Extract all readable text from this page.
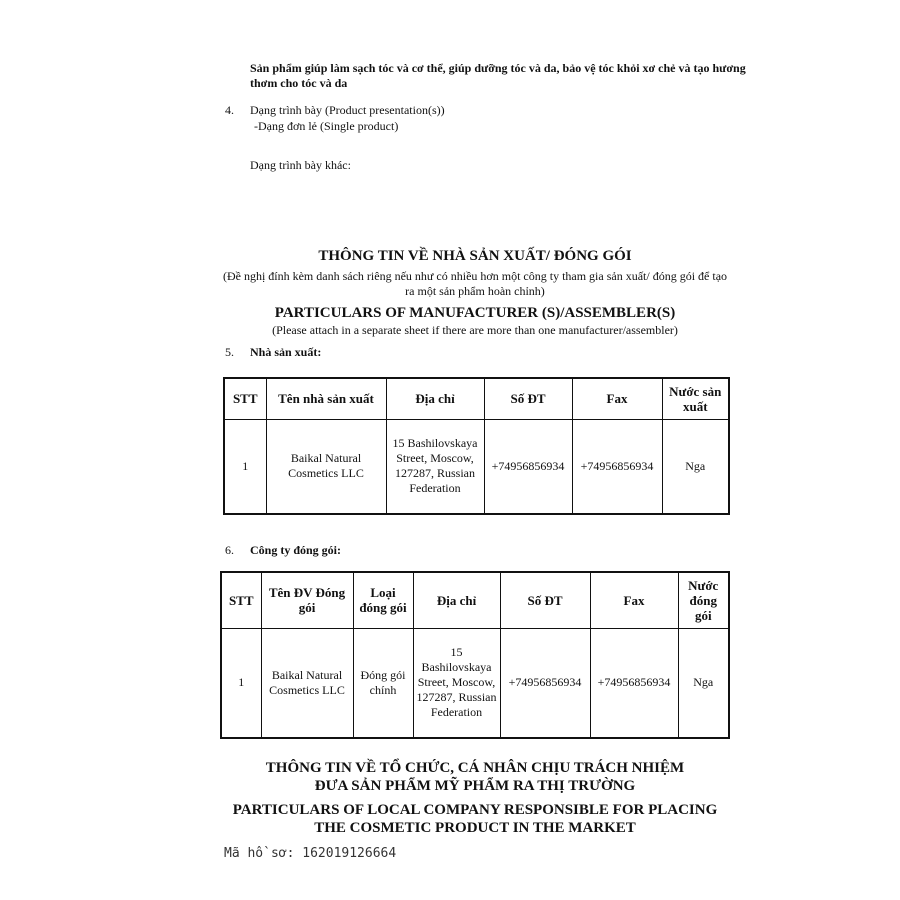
Sản phẩm giúp làm sạch tóc và cơ thể, giúp dưỡng tóc và da, bảo vệ tóc khỏi xơ chẻ và tạo hương thơm cho tóc và da
4. Dạng trình bày (Product presentation(s))
-Dạng đơn lẻ (Single product)
Dạng trình bày khác:
THÔNG TIN VỀ NHÀ SẢN XUẤT/ ĐÓNG GÓI
(Đề nghị đính kèm danh sách riêng nếu như có nhiều hơn một công ty tham gia sản xuất/ đóng gói để tạo ra một sản phẩm hoàn chỉnh)
PARTICULARS OF MANUFACTURER (S)/ASSEMBLER(S)
(Please attach in a separate sheet if there are more than one manufacturer/assembler)
5. Nhà sản xuất:
STT	Tên nhà sản xuất	Địa chỉ	Số ĐT	Fax	Nước sản xuất
1	Baikal Natural Cosmetics LLC	15 Bashilovskaya Street, Moscow, 127287, Russian Federation	+74956856934	+74956856934	Nga
6. Công ty đóng gói:
STT	Tên ĐV Đóng gói	Loại đóng gói	Địa chỉ	Số ĐT	Fax	Nước đóng gói
1	Baikal Natural Cosmetics LLC	Đóng gói chính	15 Bashilovskaya Street, Moscow, 127287, Russian Federation	+74956856934	+74956856934	Nga
THÔNG TIN VỀ TỔ CHỨC, CÁ NHÂN CHỊU TRÁCH NHIỆM
ĐƯA SẢN PHẨM MỸ PHẨM RA THỊ TRƯỜNG
PARTICULARS OF LOCAL COMPANY RESPONSIBLE FOR PLACING
THE COSMETIC PRODUCT IN THE MARKET
Mã hồ sơ: 162019126664
